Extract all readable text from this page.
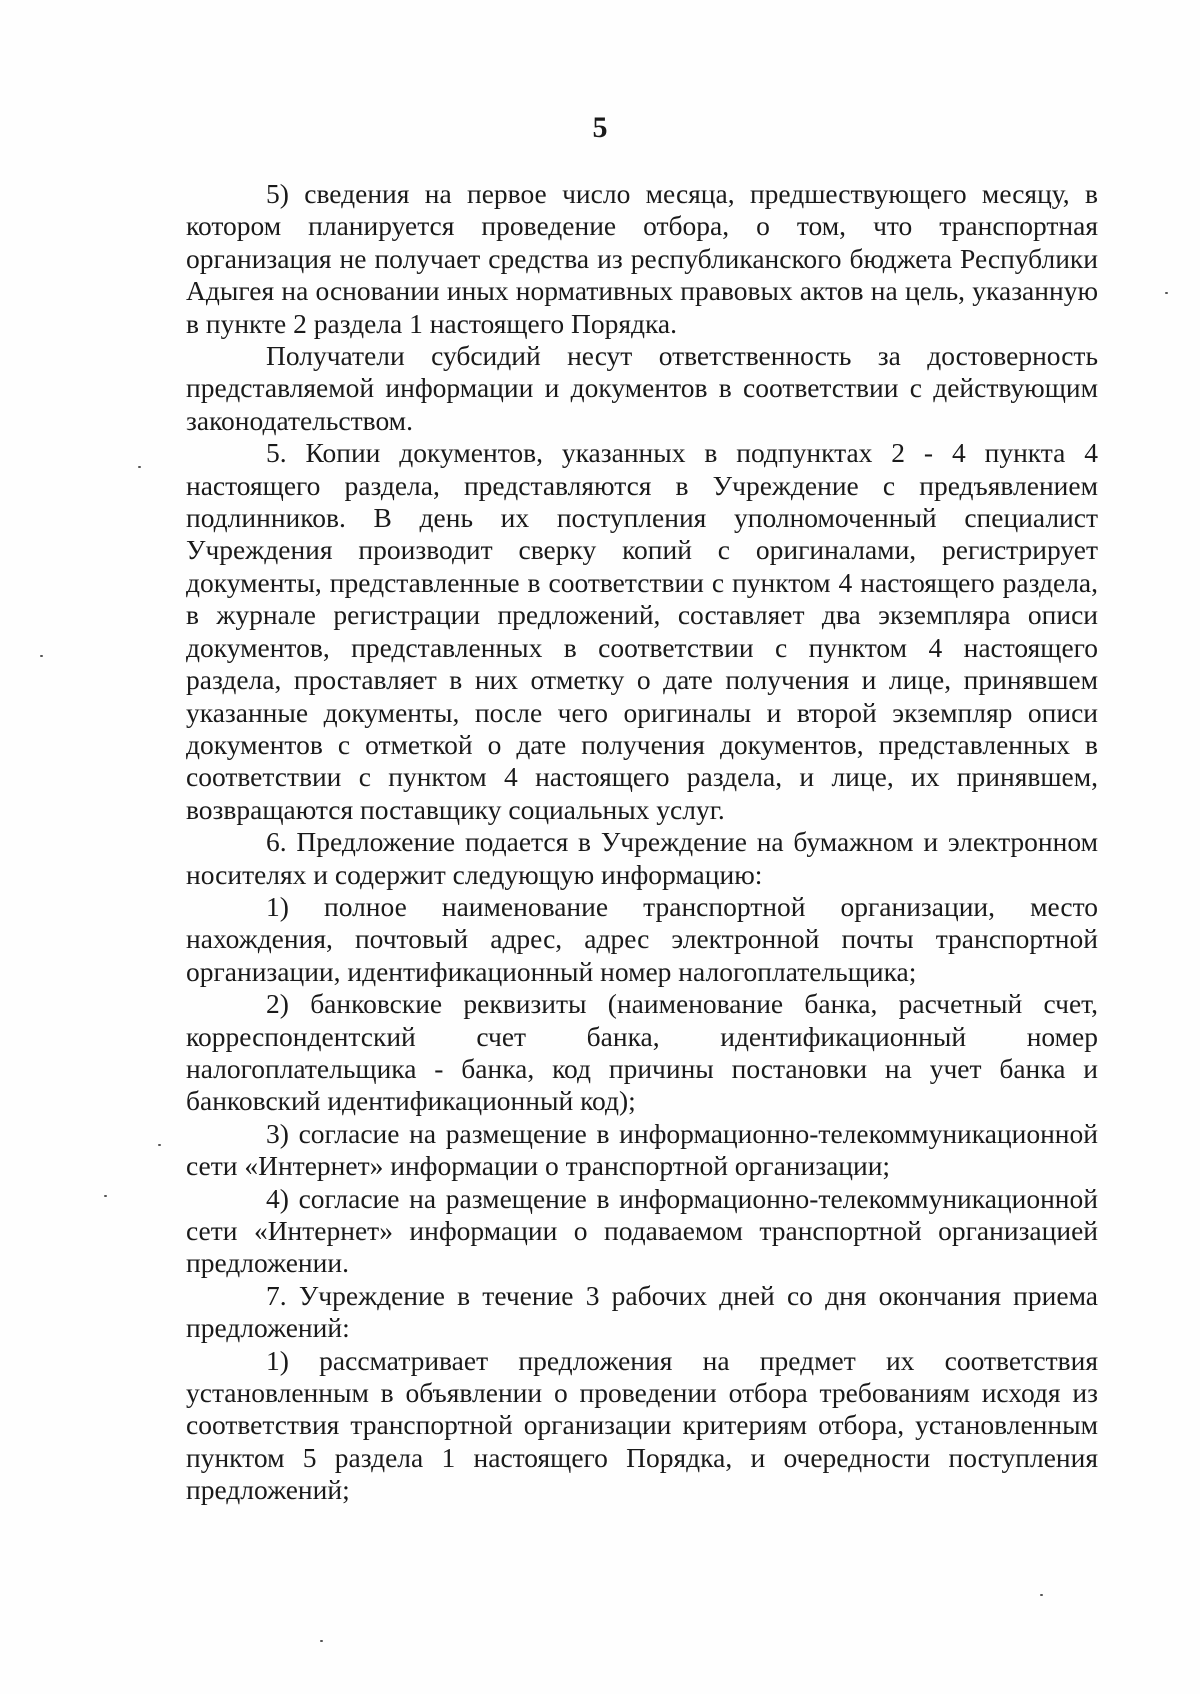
5

5) сведения на первое число месяца, предшествующего месяцу, в котором планируется проведение отбора, о том, что транспортная организация не получает средства из республиканского бюджета Республики Адыгея на основании иных нормативных правовых актов на цель, указанную в пункте 2 раздела 1 настоящего Порядка.

Получатели субсидий несут ответственность за достоверность представляемой информации и документов в соответствии с действующим законодательством.

5. Копии документов, указанных в подпунктах 2 - 4 пункта 4 настоящего раздела, представляются в Учреждение с предъявлением подлинников. В день их поступления уполномоченный специалист Учреждения производит сверку копий с оригиналами, регистрирует документы, представленные в соответствии с пунктом 4 настоящего раздела, в журнале регистрации предложений, составляет два экземпляра описи документов, представленных в соответствии с пунктом 4 настоящего раздела, проставляет в них отметку о дате получения и лице, принявшем указанные документы, после чего оригиналы и второй экземпляр описи документов с отметкой о дате получения документов, представленных в соответствии с пунктом 4 настоящего раздела, и лице, их принявшем, возвращаются поставщику социальных услуг.

6. Предложение подается в Учреждение на бумажном и электронном носителях и содержит следующую информацию:

1) полное наименование транспортной организации, место нахождения, почтовый адрес, адрес электронной почты транспортной организации, идентификационный номер налогоплательщика;

2) банковские реквизиты (наименование банка, расчетный счет, корреспондентский счет банка, идентификационный номер налогоплательщика - банка, код причины постановки на учет банка и банковский идентификационный код);

3) согласие на размещение в информационно-телекоммуникационной сети «Интернет» информации о транспортной организации;

4) согласие на размещение в информационно-телекоммуникационной сети «Интернет» информации о подаваемом транспортной организацией предложении.

7. Учреждение в течение 3 рабочих дней со дня окончания приема предложений:

1) рассматривает предложения на предмет их соответствия установленным в объявлении о проведении отбора требованиям исходя из соответствия транспортной организации критериям отбора, установленным пунктом 5 раздела 1 настоящего Порядка, и очередности поступления предложений;
